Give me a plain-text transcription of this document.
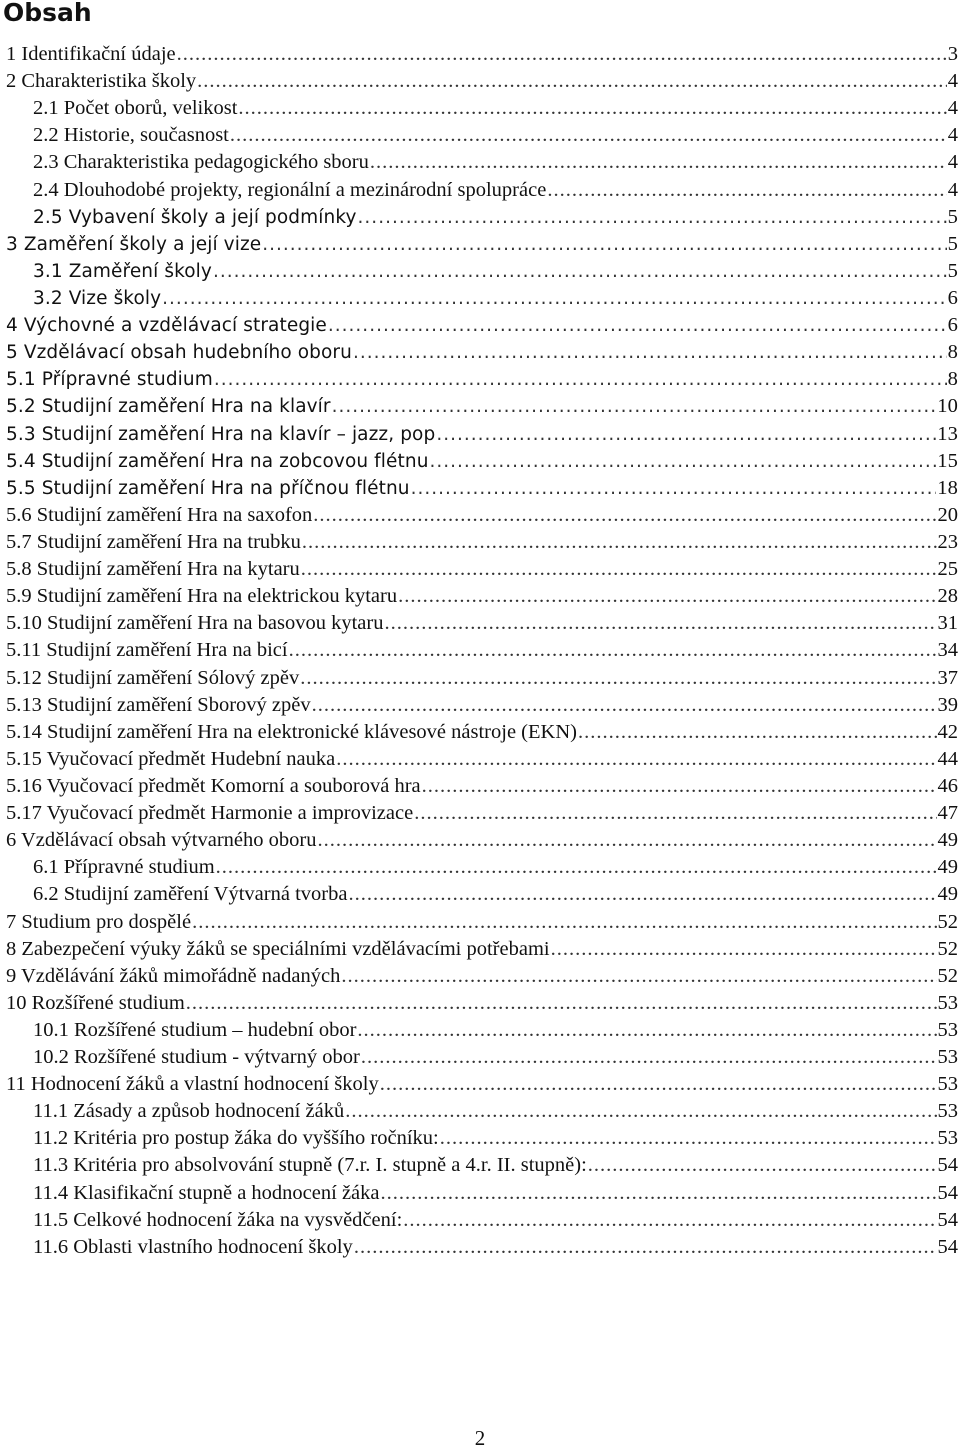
Obsah
1 Identifikační údaje .....	3
2 Charakteristika školy .....	4
2.1 Počet oborů, velikost .....	4
2.2 Historie, současnost .....	4
2.3 Charakteristika pedagogického sboru .....	4
2.4 Dlouhodobé projekty, regionální a mezinárodní spolupráce .....	4
2.5 Vybavení školy a její podmínky .....	5
3 Zaměření školy a její vize .....	5
3.1 Zaměření školy .....	5
3.2 Vize školy .....	6
4 Výchovné a vzdělávací strategie .....	6
5 Vzdělávací obsah hudebního oboru .....	8
5.1 Přípravné studium .....	8
5.2 Studijní zaměření Hra na klavír .....	10
5.3 Studijní zaměření Hra na klavír – jazz, pop .....	13
5.4 Studijní zaměření Hra na zobcovou flétnu .....	15
5.5 Studijní zaměření Hra na příčnou flétnu .....	18
5.6 Studijní zaměření Hra na saxofon .....	20
5.7 Studijní zaměření Hra na trubku .....	23
5.8 Studijní zaměření Hra na kytaru .....	25
5.9 Studijní zaměření Hra na elektrickou kytaru .....	28
5.10 Studijní zaměření Hra na basovou kytaru .....	31
5.11 Studijní zaměření Hra na bicí .....	34
5.12 Studijní zaměření Sólový zpěv .....	37
5.13 Studijní zaměření Sborový zpěv .....	39
5.14 Studijní zaměření Hra na elektronické klávesové nástroje (EKN) .....	42
5.15 Vyučovací předmět Hudební nauka .....	44
5.16 Vyučovací předmět Komorní a souborová hra .....	46
5.17 Vyučovací předmět Harmonie a improvizace .....	47
6 Vzdělávací obsah výtvarného oboru .....	49
6.1 Přípravné studium .....	49
6.2 Studijní zaměření Výtvarná tvorba .....	49
7 Studium pro dospělé .....	52
8 Zabezpečení výuky žáků se speciálními vzdělávacími potřebami .....	52
9 Vzdělávání žáků mimořádně nadaných .....	52
10 Rozšířené studium .....	53
10.1 Rozšířené studium – hudební obor .....	53
10.2 Rozšířené studium - výtvarný obor .....	53
11 Hodnocení žáků a vlastní hodnocení školy .....	53
11.1 Zásady a způsob hodnocení žáků .....	53
11.2 Kritéria pro postup žáka do vyššího ročníku: .....	53
11.3 Kritéria pro absolvování stupně (7.r. I. stupně a 4.r. II. stupně): .....	54
11.4 Klasifikační stupně a hodnocení žáka .....	54
11.5 Celkové hodnocení žáka na vysvědčení: .....	54
11.6 Oblasti vlastního hodnocení školy .....	54
2
